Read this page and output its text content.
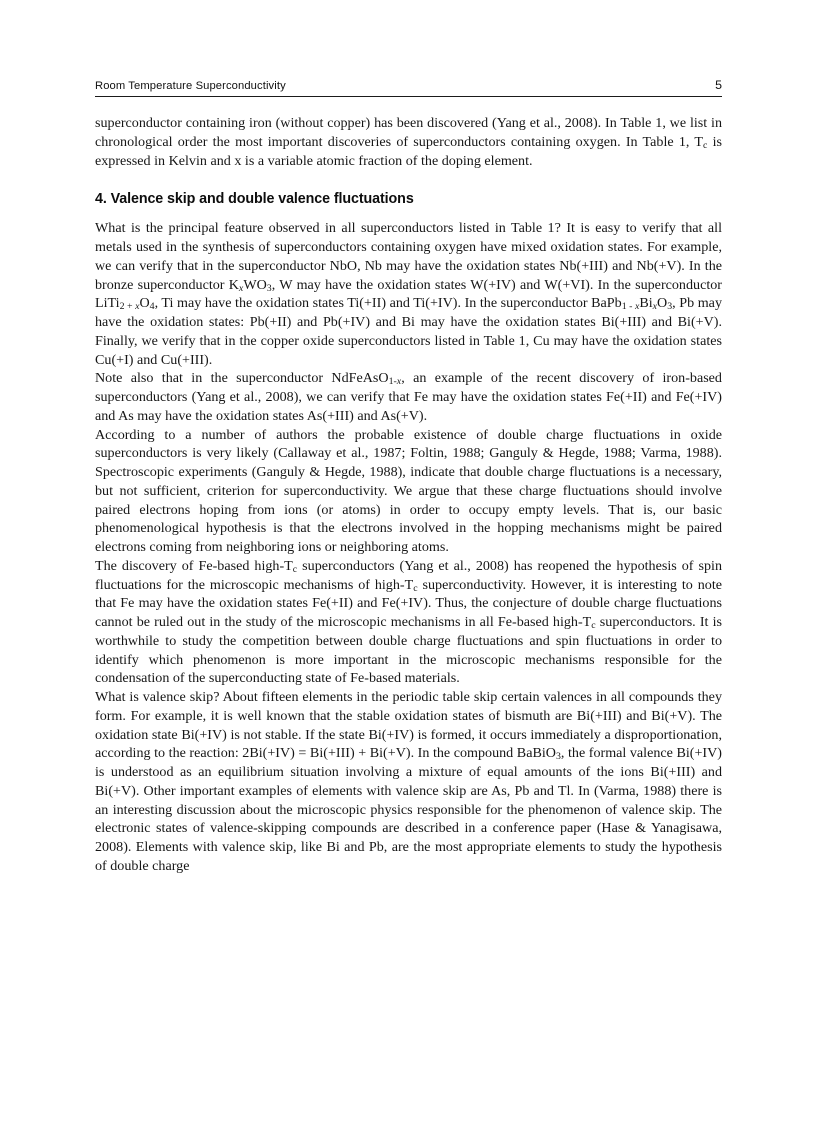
Room Temperature Superconductivity	5

superconductor containing iron (without copper) has been discovered (Yang et al., 2008). In Table 1, we list in chronological order the most important discoveries of superconductors containing oxygen. In Table 1, $T_c$ is expressed in Kelvin and x is a variable atomic fraction of the doping element.

4. Valence skip and double valence fluctuations

What is the principal feature observed in all superconductors listed in Table 1? It is easy to verify that all metals used in the synthesis of superconductors containing oxygen have mixed oxidation states. For example, we can verify that in the superconductor NbO, Nb may have the oxidation states Nb(+III) and Nb(+V). In the bronze superconductor $K_xWO_3$, W may have the oxidation states W(+IV) and W(+VI). In the superconductor LiTi$_{2 +}$ $_xO_4$, Ti may have the oxidation states Ti(+II) and Ti(+IV). In the superconductor BaPb$_{1 -}$ $_xBi_xO_3$, Pb may have the oxidation states: Pb(+II) and Pb(+IV) and Bi may have the oxidation states Bi(+III) and Bi(+V). Finally, we verify that in the copper oxide superconductors listed in Table 1, Cu may have the oxidation states Cu(+I) and Cu(+III).

Note also that in the superconductor NdFeAsO$_{1-x}$, an example of the recent discovery of iron-based superconductors (Yang et al., 2008), we can verify that Fe may have the oxidation states Fe(+II) and Fe(+IV) and As may have the oxidation states As(+III) and As(+V).

According to a number of authors the probable existence of double charge fluctuations in oxide superconductors is very likely (Callaway et al., 1987; Foltin, 1988; Ganguly & Hegde, 1988; Varma, 1988). Spectroscopic experiments (Ganguly & Hegde, 1988), indicate that double charge fluctuations is a necessary, but not sufficient, criterion for superconductivity. We argue that these charge fluctuations should involve paired electrons hoping from ions (or atoms) in order to occupy empty levels. That is, our basic phenomenological hypothesis is that the electrons involved in the hopping mechanisms might be paired electrons coming from neighboring ions or neighboring atoms.

The discovery of Fe-based high-$T_c$ superconductors (Yang et al., 2008) has reopened the hypothesis of spin fluctuations for the microscopic mechanisms of high-$T_c$ superconductivity. However, it is interesting to note that Fe may have the oxidation states Fe(+II) and Fe(+IV). Thus, the conjecture of double charge fluctuations cannot be ruled out in the study of the microscopic mechanisms in all Fe-based high-$T_c$ superconductors. It is worthwhile to study the competition between double charge fluctuations and spin fluctuations in order to identify which phenomenon is more important in the microscopic mechanisms responsible for the condensation of the superconducting state of Fe-based materials.

What is valence skip? About fifteen elements in the periodic table skip certain valences in all compounds they form. For example, it is well known that the stable oxidation states of bismuth are Bi(+III) and Bi(+V). The oxidation state Bi(+IV) is not stable. If the state Bi(+IV) is formed, it occurs immediately a disproportionation, according to the reaction: 2Bi(+IV) = Bi(+III) + Bi(+V). In the compound BaBiO$_3$, the formal valence Bi(+IV) is understood as an equilibrium situation involving a mixture of equal amounts of the ions Bi(+III) and Bi(+V). Other important examples of elements with valence skip are As, Pb and Tl. In (Varma, 1988) there is an interesting discussion about the microscopic physics responsible for the phenomenon of valence skip. The electronic states of valence-skipping compounds are described in a conference paper (Hase & Yanagisawa, 2008). Elements with valence skip, like Bi and Pb, are the most appropriate elements to study the hypothesis of double charge
